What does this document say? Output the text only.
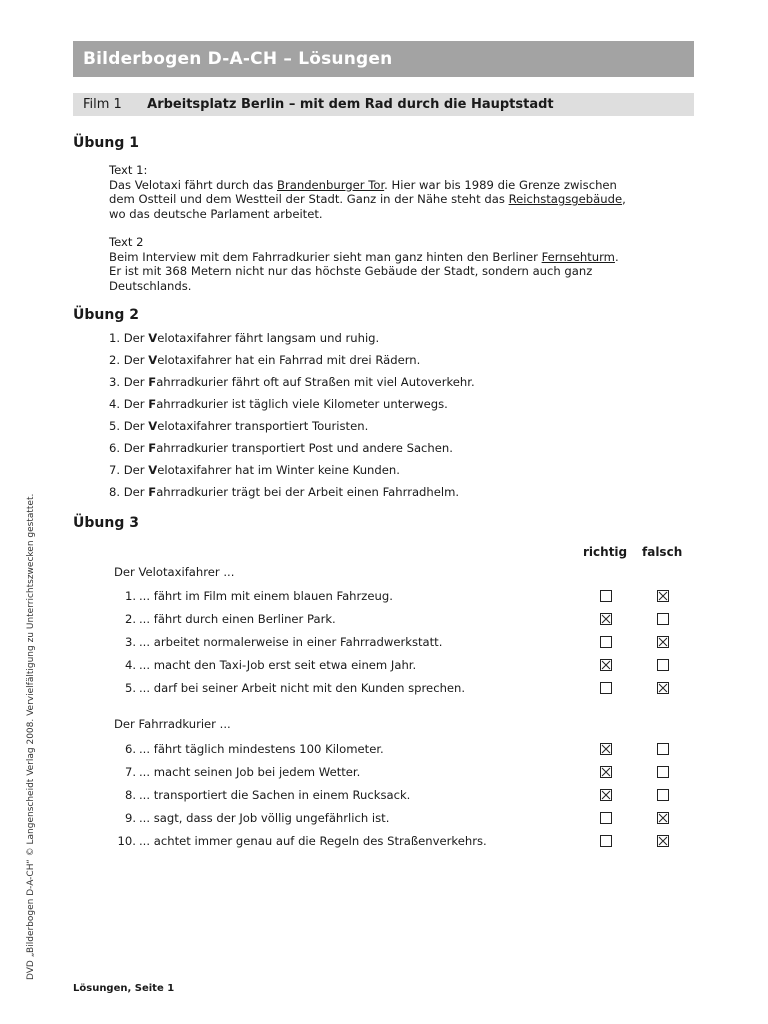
Bilderbogen D-A-CH – Lösungen
Film 1 Arbeitsplatz Berlin – mit dem Rad durch die Hauptstadt
Übung 1
Text 1:
Das Velotaxi fährt durch das Brandenburger Tor. Hier war bis 1989 die Grenze zwischen
dem Ostteil und dem Westteil der Stadt. Ganz in der Nähe steht das Reichstagsgebäude,
wo das deutsche Parlament arbeitet.
Text 2
Beim Interview mit dem Fahrradkurier sieht man ganz hinten den Berliner Fernsehturm.
Er ist mit 368 Metern nicht nur das höchste Gebäude der Stadt, sondern auch ganz
Deutschlands.
Übung 2
1. Der Velotaxifahrer fährt langsam und ruhig.
2. Der Velotaxifahrer hat ein Fahrrad mit drei Rädern.
3. Der Fahrradkurier fährt oft auf Straßen mit viel Autoverkehr.
4. Der Fahrradkurier ist täglich viele Kilometer unterwegs.
5. Der Velotaxifahrer transportiert Touristen.
6. Der Fahrradkurier transportiert Post und andere Sachen.
7. Der Velotaxifahrer hat im Winter keine Kunden.
8. Der Fahrradkurier trägt bei der Arbeit einen Fahrradhelm.
Übung 3
richtig falsch
Der Velotaxifahrer ...
Der Fahrradkurier ...
1. ... fährt im Film mit einem blauen Fahrzeug.
2. ... fährt durch einen Berliner Park.
3. ... arbeitet normalerweise in einer Fahrradwerkstatt.
4. ... macht den Taxi-Job erst seit etwa einem Jahr.
5. ... darf bei seiner Arbeit nicht mit den Kunden sprechen.
6. ... fährt täglich mindestens 100 Kilometer.
7. ... macht seinen Job bei jedem Wetter.
8. ... transportiert die Sachen in einem Rucksack.
9. ... sagt, dass der Job völlig ungefährlich ist.
10. ... achtet immer genau auf die Regeln des Straßenverkehrs.
DVD „Bilderbogen D-A-CH“ © Langenscheidt Verlag 2008. Vervielfältigung zu Unterrichtszwecken gestattet.
Lösungen, Seite 1
